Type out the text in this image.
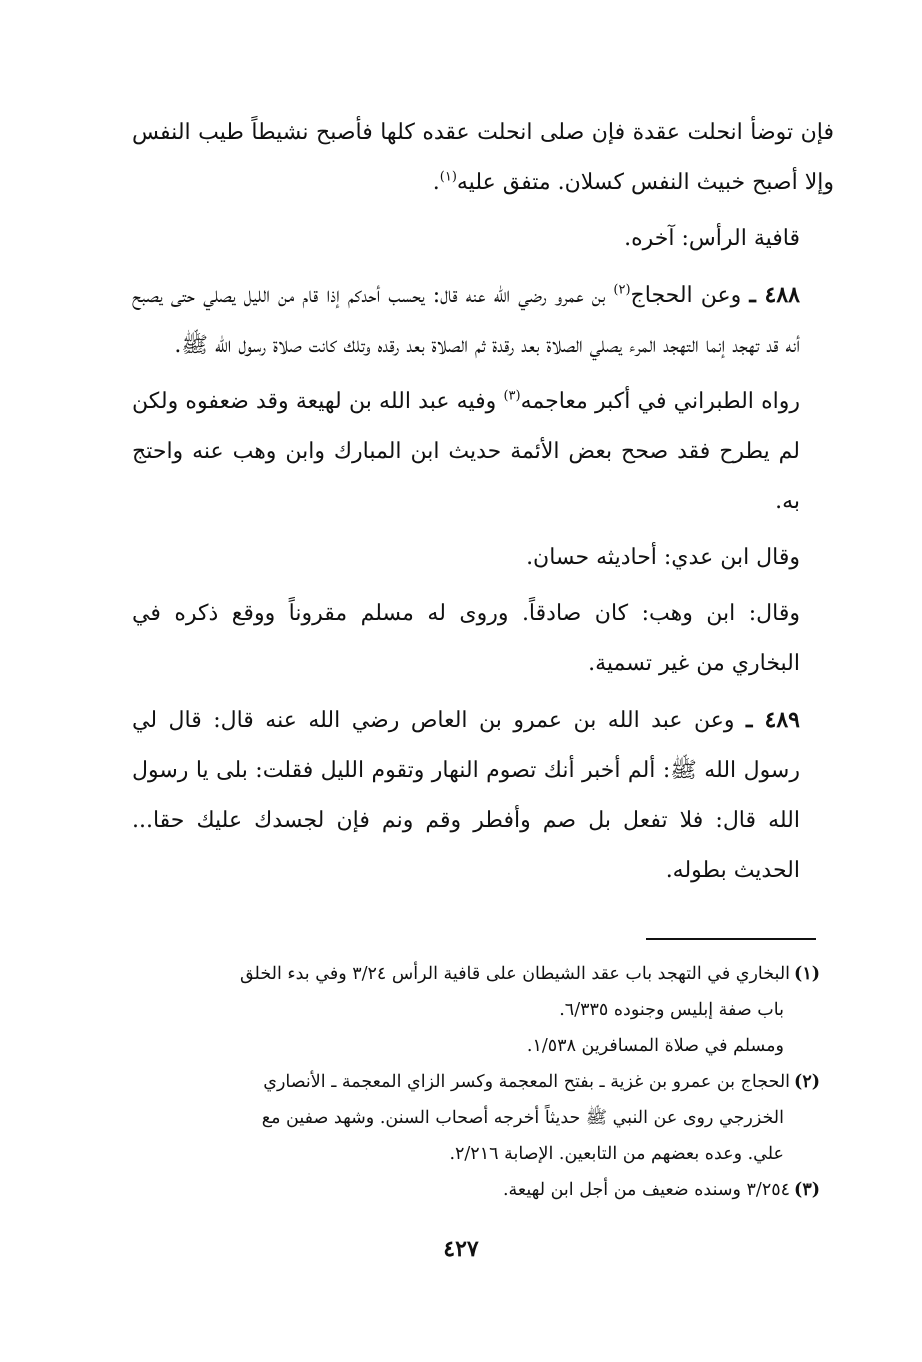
فإن توضأ انحلت عقدة فإن صلى انحلت عقده كلها فأصبح نشيطاً طيب النفس وإلا أصبح خبيث النفس كسلان. متفق عليه$^{(١)}$.

قافية الرأس: آخره.

٤٨٨ ـ وعن الحجاج$^{(٢)}$ بن عمرو رضي الله عنه قال: يحسب أحدكم إذا قام من الليل يصلي حتى يصبح أنه قد تهجد إنما التهجد المرء يصلي الصلاة بعد رقدة ثم الصلاة بعد رقده وتلك كانت صلاة رسول الله ﷺ.

رواه الطبراني في أكبر معاجمه$^{(٣)}$ وفيه عبد الله بن لهيعة وقد ضعفوه ولكن لم يطرح فقد صحح بعض الأئمة حديث ابن المبارك وابن وهب عنه واحتج به.

وقال ابن عدي: أحاديثه حسان.

وقال: ابن وهب: كان صادقاً. وروى له مسلم مقروناً ووقع ذكره في البخاري من غير تسمية.

٤٨٩ ـ وعن عبد الله بن عمرو بن العاص رضي الله عنه قال: قال لي رسول الله ﷺ: ألم أخبر أنك تصوم النهار وتقوم الليل فقلت: بلى يا رسول الله قال: فلا تفعل بل صم وأفطر وقم ونم فإن لجسدك عليك حقا... الحديث بطوله.

(١)البخاري في التهجد باب عقد الشيطان على قافية الرأس ٣/٢٤ وفي بدء الخلق

باب صفة إبليس وجنوده ٦/٣٣٥.

ومسلم في صلاة المسافرين ١/٥٣٨.

(٢)الحجاج بن عمرو بن غزية ـ بفتح المعجمة وكسر الزاي المعجمة ـ الأنصاري

الخزرجي روى عن النبي ﷺ حديثاً أخرجه أصحاب السنن. وشهد صفين مع

علي. وعده بعضهم من التابعين. الإصابة ٢/٢١٦.

(٣)٣/٢٥٤ وسنده ضعيف من أجل ابن لهيعة.

٤٢٧
